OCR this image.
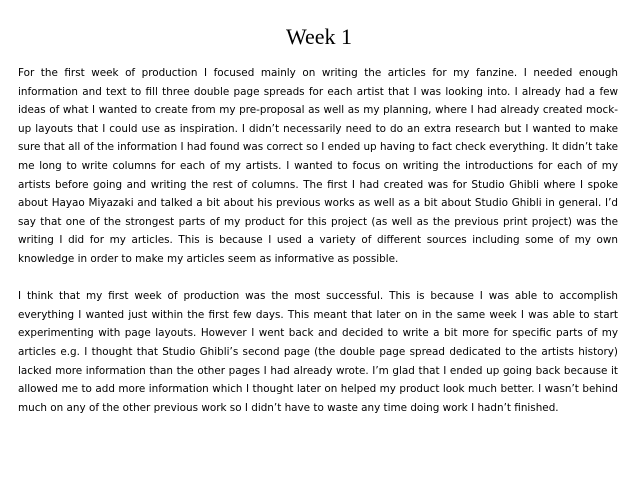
Week 1

For the first week of production I focused mainly on writing the articles for my fanzine. I needed enough information and text to fill three double page spreads for each artist that I was looking into. I already had a few ideas of what I wanted to create from my pre-proposal as well as my planning, where I had already created mock-up layouts that I could use as inspiration. I didn’t necessarily need to do an extra research but I wanted to make sure that all of the information I had found was correct so I ended up having to fact check everything. It didn’t take me long to write columns for each of my artists. I wanted to focus on writing the introductions for each of my artists before going and writing the rest of columns. The first I had created was for Studio Ghibli where I spoke about Hayao Miyazaki and talked a bit about his previous works as well as a bit about Studio Ghibli in general. I’d say that one of the strongest parts of my product for this project (as well as the previous print project) was the writing I did for my articles. This is because I used a variety of different sources including some of my own knowledge in order to make my articles seem as informative as possible.

I think that my first week of production was the most successful. This is because I was able to accomplish everything I wanted just within the first few days. This meant that later on in the same week I was able to start experimenting with page layouts. However I went back and decided to write a bit more for specific parts of my articles e.g. I thought that Studio Ghibli’s second page (the double page spread dedicated to the artists history) lacked more information than the other pages I had already wrote. I’m glad that I ended up going back because it allowed me to add more information which I thought later on helped my product look much better. I wasn’t behind much on any of the other previous work so I didn’t have to waste any time doing work I hadn’t finished.
